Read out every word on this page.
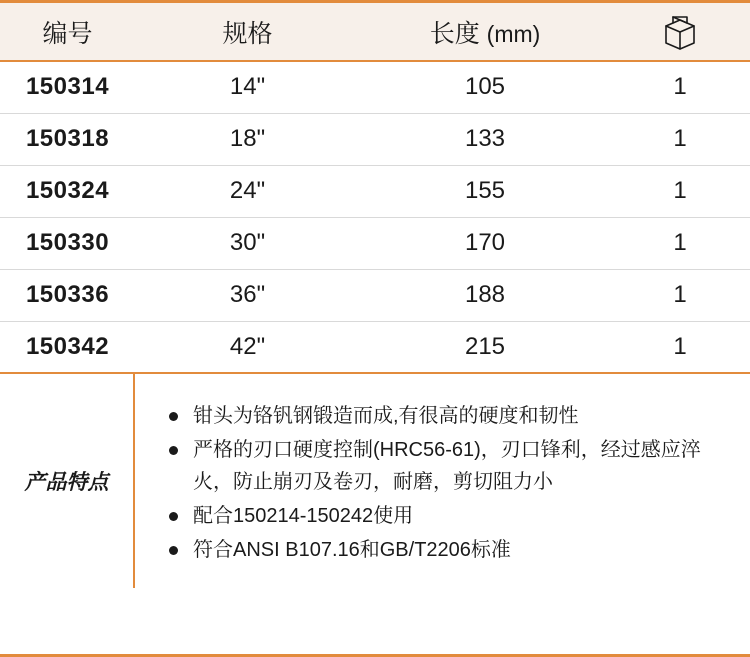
编号	规格	长度 (mm)	
150314	14"	105	1
150318	18"	133	1
150324	24"	155	1
150330	30"	170	1
150336	36"	188	1
150342	42"	215	1
产品特点
钳头为铬钒钢锻造而成,有很高的硬度和韧性
严格的刃口硬度控制(HRC56-61)，刃口锋利，经过感应淬火，防止崩刃及卷刃，耐磨，剪切阻力小
配合150214-150242使用
符合ANSI B107.16和GB/T2206标准
